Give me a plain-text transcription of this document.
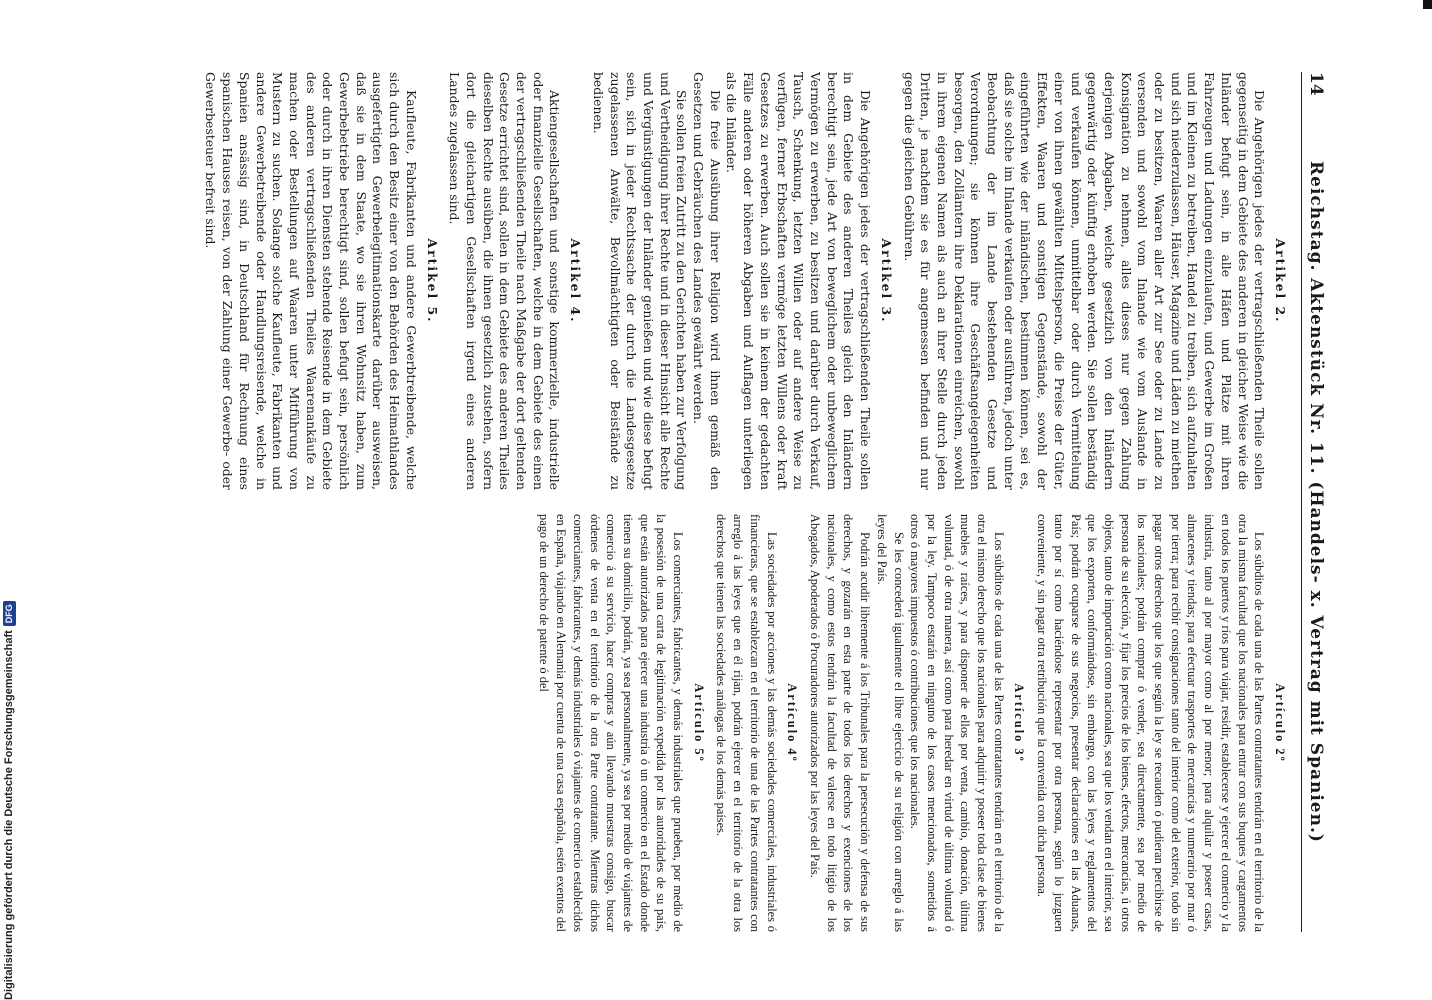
14
Reichstag. Aktenstück Nr. 11. (Handels- x. Vertrag mit Spanien.)
Artikel 2.

Die Angehörigen jedes der vertragschließenden Theile sollen gegenseitig in dem Gebiete des anderen in gleicher Weise wie die Inländer befugt sein, in alle Häfen und Plätze mit ihren Fahrzeugen und Ladungen einzulaufen, und Gewerbe im Großen und im Kleinen zu betreiben, Handel zu treiben, sich aufzuhalten und sich niederzulassen, Häuser, Magazine und Läden zu miethen oder zu besitzen, Waaren aller Art zur See oder zu Lande zu versenden und sowohl vom Inlande wie vom Auslande in Konsignation zu nehmen, alles dieses nur gegen Zahlung derjenigen Abgaben, welche gesetzlich von den Inländern gegenwärtig oder künftig erhoben werden. Sie sollen beständig und verkaufen können, unmittelbar oder durch Vermittelung einer von ihnen gewählten Mittelsperson, die Preise der Güter, Effekten, Waaren und sonstigen Gegenstände, sowohl der eingeführten wie der inländischen, bestimmen können, sei es, daß sie solche im Inlande verkaufen oder ausführen, jedoch unter Beobachtung der im Lande bestehenden Gesetze und Verordnungen; sie können ihre Geschäftsangelegenheiten besorgen, den Zollämtern ihre Deklarationen einreichen, sowohl in ihrem eigenen Namen als auch an ihrer Stelle durch jeden Dritten, je nachdem sie es für angemessen befinden und nur gegen die gleichen Gebühren.

Artikel 3.

Die Angehörigen jedes der vertragschließenden Theile sollen in dem Gebiete des anderen Theiles gleich den Inländern berechtigt sein, jede Art von beweglichem oder unbeweglichem Vermögen zu erwerben, zu besitzen und darüber durch Verkauf, Tausch, Schenkung, letzten Willen oder auf andere Weise zu verfügen, ferner Erbschaften vermöge letzten Willens oder kraft Gesetzes zu erwerben. Auch sollen sie in keinem der gedachten Fälle anderen oder höheren Abgaben und Auflagen unterliegen als die Inländer.

Die freie Ausübung ihrer Religion wird ihnen gemäß den Gesetzen und Gebräuchen des Landes gewährt werden.

Sie sollen freien Zutritt zu den Gerichten haben zur Verfolgung und Vertheidigung ihrer Rechte und in dieser Hinsicht alle Rechte und Vergünstigungen der Inländer genießen und wie diese befugt sein, sich in jeder Rechtssache der durch die Landesgesetze zugelassenen Anwälte, Bevollmächtigten oder Beistände zu bedienen.

Artikel 4.

Aktiengesellschaften und sonstige kommerzielle, industrielle oder finanzielle Gesellschaften, welche in dem Gebiete des einen der vertragschließenden Theile nach Maßgabe der dort geltenden Gesetze errichtet sind, sollen in dem Gebiete des anderen Theiles dieselben Rechte ausüben, die ihnen gesetzlich zustehen, sofern dort die gleichartigen Gesellschaften irgend eines anderen Landes zugelassen sind.

Artikel 5.

Kaufleute, Fabrikanten und andere Gewerbtreibende, welche sich durch den Besitz einer von den Behörden des Heimathlandes ausgefertigten Gewerbelegitimationskarte darüber ausweisen, daß sie in dem Staate, wo sie ihren Wohnsitz haben, zum Gewerbebetriebe berechtigt sind, sollen befugt sein, persönlich oder durch in ihren Diensten stehende Reisende in dem Gebiete des anderen vertragschließenden Theiles Waarenankäufe zu machen oder Bestellungen auf Waaren unter Mitführung von Mustern zu suchen. Solange solche Kaufleute, Fabrikanten und andere Gewerbetreibende oder Handlungsreisende, welche in Spanien ansässig sind, in Deutschland für Rechnung eines spanischen Hauses reisen, von der Zahlung einer Gewerbe- oder Gewerbesteuer befreit sind.

Artículo 2º

Los súbditos de cada una de las Partes contratantes tendrán en el territorio de la otra la misma facultad que los nacionales para entrar con sus buques y cargamentos en todos los puertos y ríos para viajar, residir, establecerse y ejercer el comercio y la industria, tanto al por mayor como al por menor; para alquilar y poseer casas, almacenes y tiendas; para efectuar trasportes de mercancías y numerario por mar ó por tierra; para recibir consignaciones tanto del interior como del exterior, todo sin pagar otros derechos que los que según la ley se recauden ó pudieran percibirse de los nacionales; podrán comprar ó vender, sea directamente, sea por medio de persona de su elección, y fijar los precios de los bienes, efectos, mercancías, ú otros objetos, tanto de importación como nacionales, sea que los vendan en el interior, sea que los exporten, conformándose, sin embargo, con las leyes y reglamentos del País; podrán ocuparse de sus negocios, presentar declaraciones en las Aduanas, tanto por sí como haciéndose representar por otra persona, según lo juzguen conveniente, y sin pagar otra retribución que la convenida con dicha persona.

Artículo 3º

Los súbditos de cada una de las Partes contratantes tendrán en el territorio de la otra el mismo derecho que los nacionales para adquirir y poseer toda clase de bienes muebles y raíces, y para disponer de ellos por venta, cambio, donación, última voluntad, ó de otra manera, así como para heredar en virtud de última voluntad ó por la ley. Tampoco estarán en ninguno de los casos mencionados, sometidos á otros ó mayores impuestos ó contribuciones que los nacionales.

Se les concederá igualmente el libre ejercicio de su religión con arreglo á las leyes del País.

Podrán acudir libremente á los Tribunales para la persecución y defensa de sus derechos, y gozarán en esta parte de todos los derechos y exenciones de los nacionales, y como estos tendrán la facultad de valerse en todo litigio de los Abogados, Apoderados ó Procuradores autorizados por las leyes del País.

Artículo 4º

Las sociedades por acciones y las demás sociedades comerciales, industriales ó financieras, que se establezcan en el territorio de una de las Partes contratantes con arreglo á las leyes que en él rijan, podrán ejercer en el territorio de la otra los derechos que tienen las sociedades análogas de los demás países.

Artículo 5º

Los comerciantes, fabricantes, y demás industriales que prueben, por medio de la posesión de una carta de legitimación expedida por las autoridades de su país, que están autorizados para ejercer una industria ó un comercio en el Estado donde tienen su domicilio, podrán, ya sea personalmente, ya sea por medio de viajantes de comercio á su servicio, hacer compras y aún llevando muestras consigo, buscar órdenes de venta en el territorio de la otra Parte contratante. Mientras dichos comerciantes, fabricantes, y demás industriales ó viajantes de comercio establecidos en España, viajando en Alemania por cuenta de una casa española, estén exentos del pago de un derecho de patente ó del

Digitalisierung gefördert durch die Deutsche Forschungsgemeinschaft
DFG
